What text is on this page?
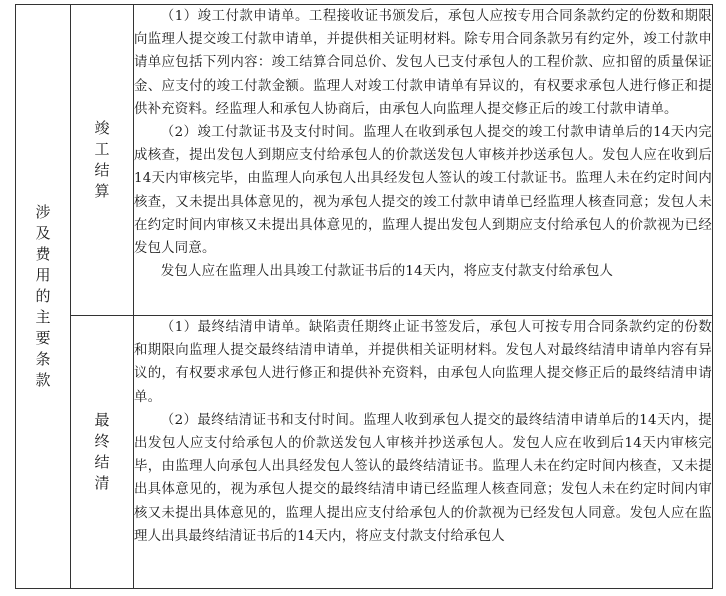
涉及费用的主要条款	竣工结算	（1）竣工付款申请单。工程接收证书颁发后，承包人应按专用合同条款约定的份数和期限向监理人提交竣工付款申请单，并提供相关证明材料。除专用合同条款另有约定外，竣工付款申请单应包括下列内容：竣工结算合同总价、发包人已支付承包人的工程价款、应扣留的质量保证金、应支付的竣工付款金额。监理人对竣工付款申请单有异议的，有权要求承包人进行修正和提供补充资料。经监理人和承包人协商后，由承包人向监理人提交修正后的竣工付款申请单。

（2）竣工付款证书及支付时间。监理人在收到承包人提交的竣工付款申请单后的14天内完成核查，提出发包人到期应支付给承包人的价款送发包人审核并抄送承包人。发包人应在收到后14天内审核完毕，由监理人向承包人出具经发包人签认的竣工付款证书。监理人未在约定时间内核查，又未提出具体意见的，视为承包人提交的竣工付款申请单已经监理人核查同意；发包人未在约定时间内审核又未提出具体意见的，监理人提出发包人到期应支付给承包人的价款视为已经发包人同意。

发包人应在监理人出具竣工付款证书后的14天内，将应支付款支付给承包人

	最终结清	（1）最终结清申请单。缺陷责任期终止证书签发后，承包人可按专用合同条款约定的份数和期限向监理人提交最终结清申请单，并提供相关证明材料。发包人对最终结清申请单内容有异议的，有权要求承包人进行修正和提供补充资料，由承包人向监理人提交修正后的最终结清申请单。

（2）最终结清证书和支付时间。监理人收到承包人提交的最终结清申请单后的14天内，提出发包人应支付给承包人的价款送发包人审核并抄送承包人。发包人应在收到后14天内审核完毕，由监理人向承包人出具经发包人签认的最终结清证书。监理人未在约定时间内核查，又未提出具体意见的，视为承包人提交的最终结清申请已经监理人核查同意；发包人未在约定时间内审核又未提出具体意见的，监理人提出应支付给承包人的价款视为已经发包人同意。发包人应在监理人出具最终结清证书后的14天内，将应支付款支付给承包人
